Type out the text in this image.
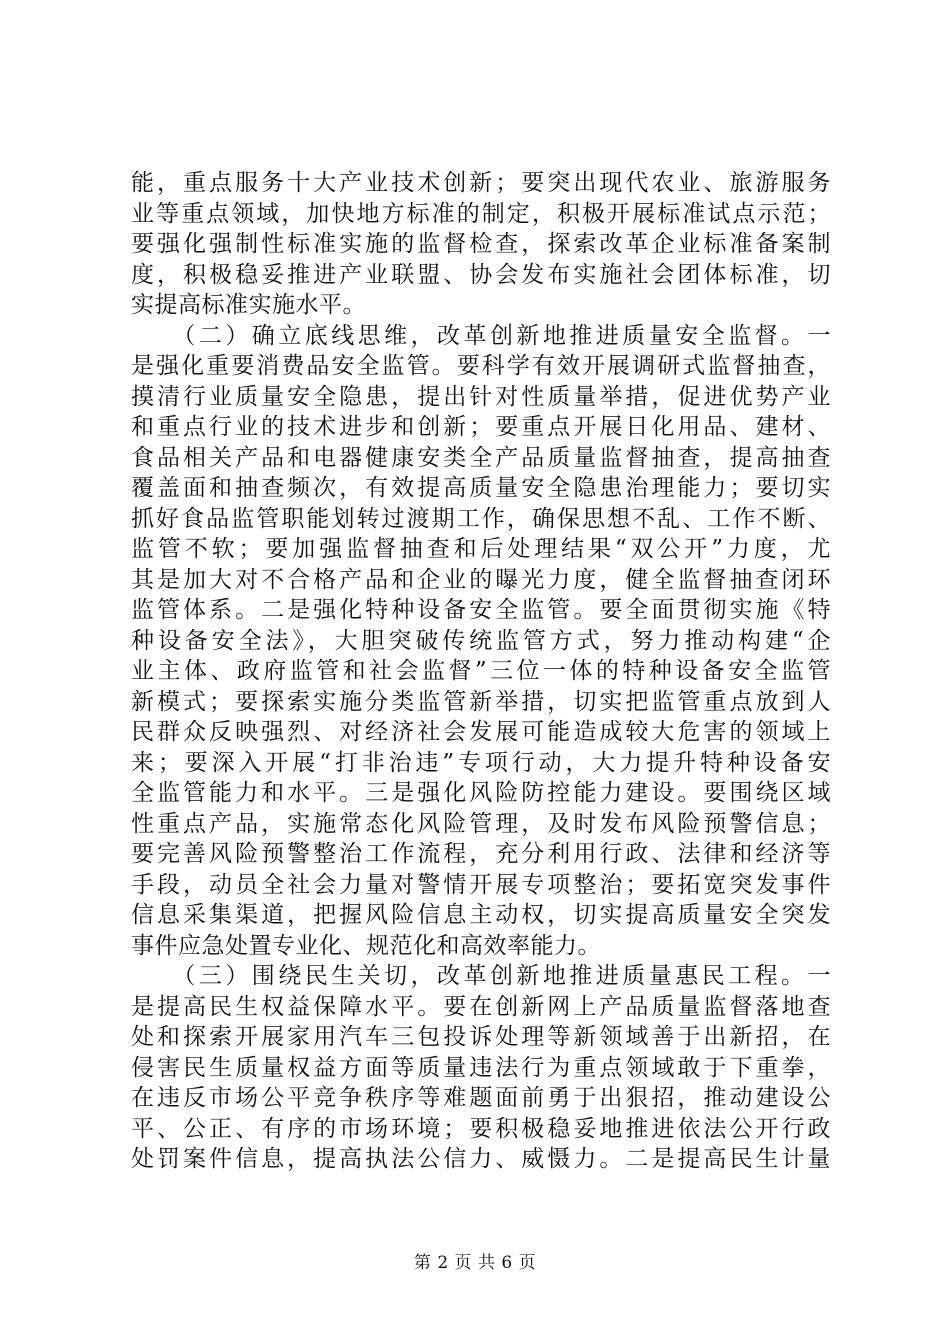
能，重点服务十大产业技术创新；要突出现代农业、旅游服务
业等重点领域，加快地方标准的制定，积极开展标准试点示范；
要强化强制性标准实施的监督检查，探索改革企业标准备案制
度，积极稳妥推进产业联盟、协会发布实施社会团体标准，切
实提高标准实施水平。
　　（二）确立底线思维，改革创新地推进质量安全监督。一
是强化重要消费品安全监管。要科学有效开展调研式监督抽查，
摸清行业质量安全隐患，提出针对性质量举措，促进优势产业
和重点行业的技术进步和创新；要重点开展日化用品、建材、
食品相关产品和电器健康安类全产品质量监督抽查，提高抽查
覆盖面和抽查频次，有效提高质量安全隐患治理能力；要切实
抓好食品监管职能划转过渡期工作，确保思想不乱、工作不断、
监管不软；要加强监督抽查和后处理结果“双公开”力度，尤
其是加大对不合格产品和企业的曝光力度，健全监督抽查闭环
监管体系。二是强化特种设备安全监管。要全面贯彻实施《特
种设备安全法》，大胆突破传统监管方式，努力推动构建“企
业主体、政府监管和社会监督”三位一体的特种设备安全监管
新模式；要探索实施分类监管新举措，切实把监管重点放到人
民群众反映强烈、对经济社会发展可能造成较大危害的领域上
来；要深入开展“打非治违”专项行动，大力提升特种设备安
全监管能力和水平。三是强化风险防控能力建设。要围绕区域
性重点产品，实施常态化风险管理，及时发布风险预警信息；
要完善风险预警整治工作流程，充分利用行政、法律和经济等
手段，动员全社会力量对警情开展专项整治；要拓宽突发事件
信息采集渠道，把握风险信息主动权，切实提高质量安全突发
事件应急处置专业化、规范化和高效率能力。
　　（三）围绕民生关切，改革创新地推进质量惠民工程。一
是提高民生权益保障水平。要在创新网上产品质量监督落地查
处和探索开展家用汽车三包投诉处理等新领域善于出新招，在
侵害民生质量权益方面等质量违法行为重点领域敢于下重拳，
在违反市场公平竞争秩序等难题面前勇于出狠招，推动建设公
平、公正、有序的市场环境；要积极稳妥地推进依法公开行政
处罚案件信息，提高执法公信力、威慑力。二是提高民生计量
第 2 页 共 6 页
